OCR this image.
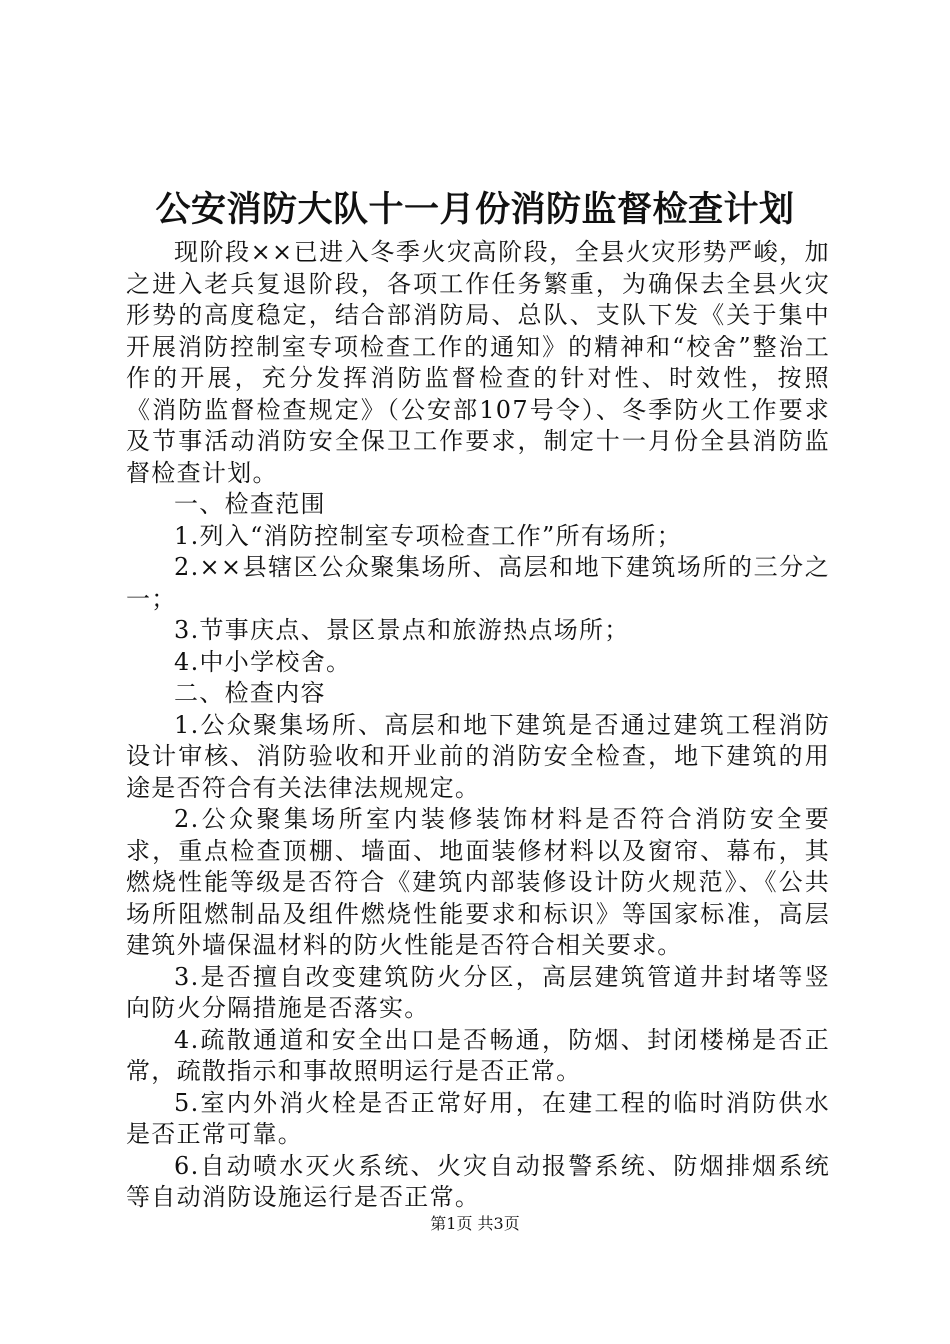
公安消防大队十一月份消防监督检查计划

现阶段××已进入冬季火灾高阶段，全县火灾形势严峻，加之进入老兵复退阶段，各项工作任务繁重，为确保去全县火灾形势的高度稳定，结合部消防局、总队、支队下发《关于集中开展消防控制室专项检查工作的通知》的精神和“校舍”整治工作的开展，充分发挥消防监督检查的针对性、时效性，按照《消防监督检查规定》（公安部107号令）、冬季防火工作要求及节事活动消防安全保卫工作要求，制定十一月份全县消防监督检查计划。

一、检查范围

1.列入“消防控制室专项检查工作”所有场所；

2.××县辖区公众聚集场所、高层和地下建筑场所的三分之一；

3.节事庆点、景区景点和旅游热点场所；

4.中小学校舍。

二、检查内容

1.公众聚集场所、高层和地下建筑是否通过建筑工程消防设计审核、消防验收和开业前的消防安全检查，地下建筑的用途是否符合有关法律法规规定。

2.公众聚集场所室内装修装饰材料是否符合消防安全要求，重点检查顶棚、墙面、地面装修材料以及窗帘、幕布，其燃烧性能等级是否符合《建筑内部装修设计防火规范》、《公共场所阻燃制品及组件燃烧性能要求和标识》等国家标准，高层建筑外墙保温材料的防火性能是否符合相关要求。

3.是否擅自改变建筑防火分区，高层建筑管道井封堵等竖向防火分隔措施是否落实。

4.疏散通道和安全出口是否畅通，防烟、封闭楼梯是否正常，疏散指示和事故照明运行是否正常。

5.室内外消火栓是否正常好用，在建工程的临时消防供水是否正常可靠。

6.自动喷水灭火系统、火灾自动报警系统、防烟排烟系统等自动消防设施运行是否正常。

第1页 共3页
